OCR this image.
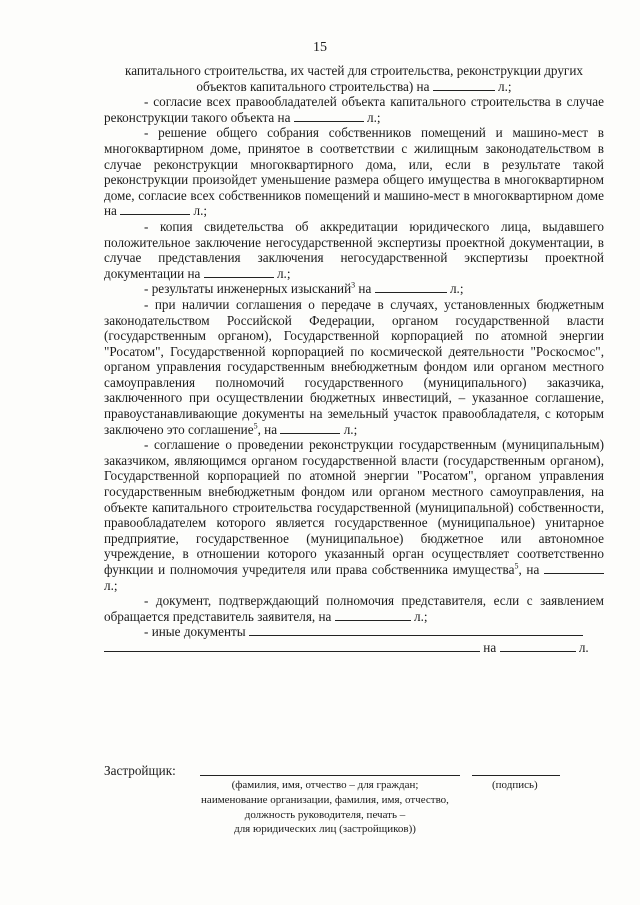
15

капитального строительства, их частей для строительства, реконструкции других объектов капитального строительства) на	л.;

- согласие всех правообладателей объекта капитального строительства в случае реконструкции такого объекта на	л.;

- решение общего собрания собственников помещений и машино-мест в многоквартирном доме, принятое в соответствии с жилищным законодательством в случае реконструкции многоквартирного дома, или, если в результате такой реконструкции произойдет уменьшение размера общего имущества в многоквартирном доме, согласие всех собственников помещений и машино-мест в многоквартирном доме на	л.;

- копия свидетельства об аккредитации юридического лица, выдавшего положительное заключение негосударственной экспертизы проектной документации, в случае представления заключения негосударственной экспертизы проектной документации на	л.;

- результаты инженерных изысканий$^3$ на	л.;

- при наличии соглашения о передаче в случаях, установленных бюджетным законодательством Российской Федерации, органом государственной власти (государственным органом), Государственной корпорацией по атомной энергии "Росатом", Государственной корпорацией по космической деятельности "Роскосмос", органом управления государственным внебюджетным фондом или органом местного самоуправления полномочий государственного (муниципального) заказчика, заключенного при осуществлении бюджетных инвестиций, – указанное соглашение, правоустанавливающие документы на земельный участок правообладателя, с которым заключено это соглашение$^5$, на	л.;

- соглашение о проведении реконструкции государственным (муниципальным) заказчиком, являющимся органом государственной власти (государственным органом), Государственной корпорацией по атомной энергии "Росатом", органом управления государственным внебюджетным фондом или органом местного самоуправления, на объекте капитального строительства государственной (муниципальной) собственности, правообладателем которого является государственное (муниципальное) унитарное предприятие, государственное (муниципальное) бюджетное или автономное учреждение, в отношении которого указанный орган осуществляет соответственно функции и полномочия учредителя или права собственника имущества$^5$, на  л.;

- документ, подтверждающий полномочия представителя, если с заявлением обращается представитель заявителя, на	л.;

- иные документы

на	л.

Застройщик:
(фамилия, имя, отчество – для граждан;
наименование организации, фамилия, имя, отчество,
должность руководителя, печать –
для юридических лиц (застройщиков))
(подпись)
